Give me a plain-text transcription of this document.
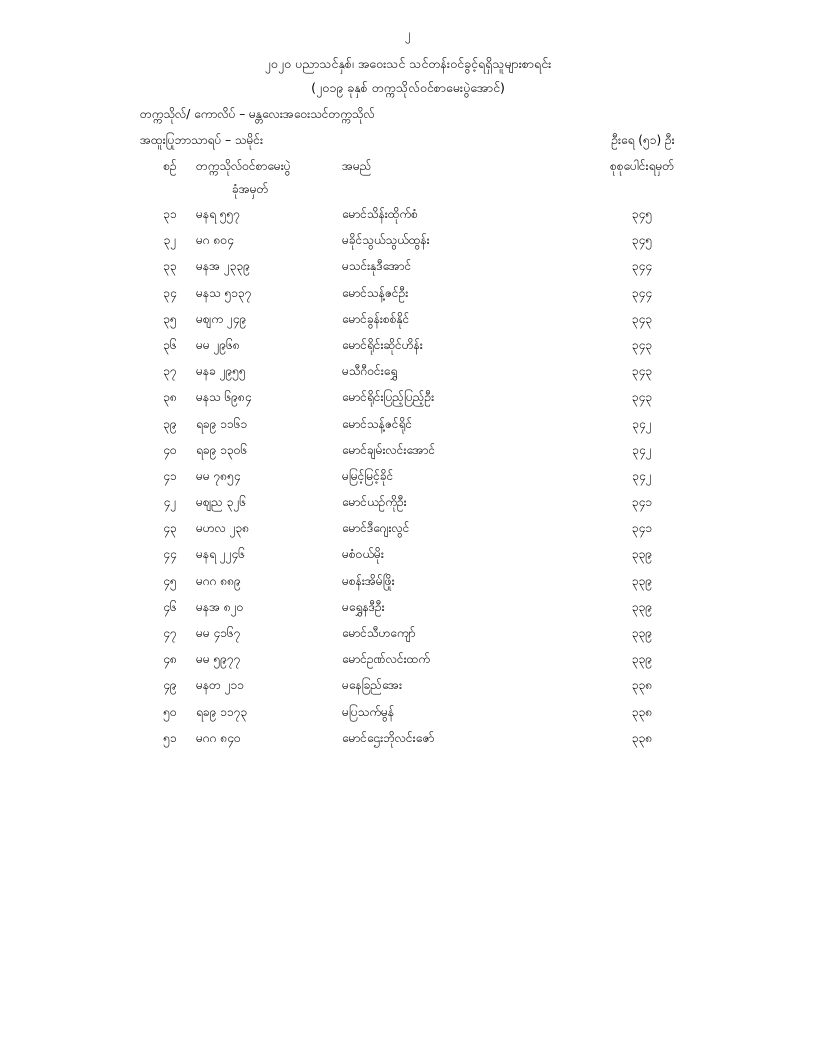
၂
၂၀၂၀ ပညာသင်နှစ်၊ အဝေးသင် သင်တန်းဝင်ခွင့်ရရှိသူများစာရင်း
(၂၀၁၉ ခုနှစ် တက္ကသိုလ်ဝင်စာမေးပွဲအောင်)
တက္ကသိုလ်/ ကောလိပ် – မန္တလေးအဝေးသင်တက္ကသိုလ်
အထူးပြုဘာသာရပ် – သမိုင်း	ဦးရေ (၅၁) ဦး
စဉ်	တက္ကသိုလ်ဝင်စာမေးပွဲ
ခုံအမှတ်
အမည်	စုစုပေါင်းရမှတ်
၃၁	မနရ ၅၅၇	မောင်သိန်းထိုက်စံ	၃၄၅
၃၂	မဂ ၈၀၄	မခိုင်သွယ်သွယ်ထွန်း	၃၄၅
၃၃	မနအ ၂၃၃၉	မသင်းနုဒီအောင်	၃၄၄
၃၄	မနသ ၅၁၃၇	မောင်သန့်ဇင်ဦး	၃၄၄
၃၅	မဈက ၂၄၉	မောင်ခွန်းစစ်နိုင်	၃၄၃
၃၆	မမ ၂၉၆၈	မောင်ရိုင်းဆိုင်ဟိန်း	၃၄၃
၃၇	မနခ ၂၉၅၅	မသီဂီဝင်းရွှေ	၃၄၃
၃၈	မနသ ၆၉၈၄	မောင်ရိုင်းပြည့်ပြည့်ဦး	၃၄၃
၃၉	ရခ၉ ၁၁၆၁	မောင်သန့်ဇင်ရိုင်	၃၄၂
၄၀	ရခ၉ ၁၃၀၆	မောင်ချမ်းလင်းအောင်	၃၄၂
၄၁	မမ ၇၈၅၄	မမြင့်မြင့်ခိုင်	၃၄၂
၄၂	မဈည ၃၂၆	မောင်ယဥ်ကိုဦး	၃၄၁
၄၃	မဟလ ၂၃၈	မောင်ဒီဂျေးလွင်	၃၄၁
၄၄	မနရ ၂၂၄၆	မစံဝယ်မိုး	၃၃၉
၄၅	မဂဂ ၈၈၉	မစန်းအိမ်ဖြိုး	၃၃၉
၄၆	မနအ ၈၂၀	မရွှေနဒီဦး	၃၃၉
၄၇	မမ ၄၁၆၇	မောင်သီဟကျော်	၃၃၉
၄၈	မမ ၅၉၇၇	မောင်ဥဏ်လင်းထက်	၃၃၉
၄၉	မနတ ၂၁၁	မနေခြည်အေး	၃၃၈
၅၀	ရခ၉ ၁၁၇၃	မပြသက်မွန်	၃၃၈
၅၁	မဂဂ ၈၄၀	မောင်ဌေးဘိုလင်းဇော်	၃၃၈
